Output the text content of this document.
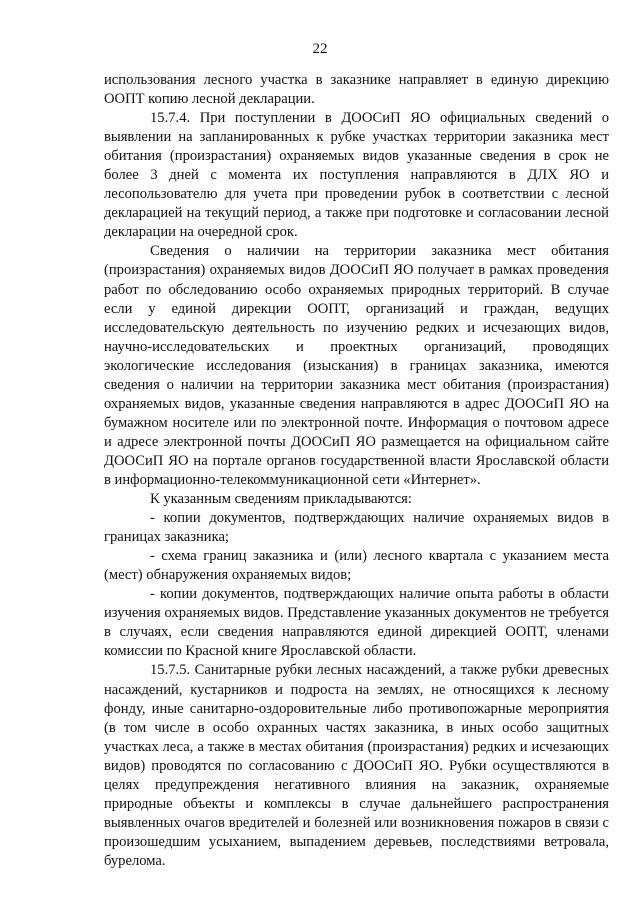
22

использования лесного участка в заказнике направляет в единую дирекцию ООПТ копию лесной декларации.

15.7.4. При поступлении в ДООСиП ЯО официальных сведений о выявлении на запланированных к рубке участках территории заказника мест обитания (произрастания) охраняемых видов указанные сведения в срок не более 3 дней с момента их поступления направляются в ДЛХ ЯО и лесопользователю для учета при проведении рубок в соответствии с лесной декларацией на текущий период, а также при подготовке и согласовании лесной декларации на очередной срок.

Сведения о наличии на территории заказника мест обитания (произрастания) охраняемых видов ДООСиП ЯО получает в рамках проведения работ по обследованию особо охраняемых природных территорий. В случае если у единой дирекции ООПТ, организаций и граждан, ведущих исследовательскую деятельность по изучению редких и исчезающих видов, научно-исследовательских и проектных организаций, проводящих экологические исследования (изыскания) в границах заказника, имеются сведения о наличии на территории заказника мест обитания (произрастания) охраняемых видов, указанные сведения направляются в адрес ДООСиП ЯО на бумажном носителе или по электронной почте. Информация о почтовом адресе и адресе электронной почты ДООСиП ЯО размещается на официальном сайте ДООСиП ЯО на портале органов государственной власти Ярославской области в информационно-телекоммуникационной сети «Интернет».

К указанным сведениям прикладываются:

- копии документов, подтверждающих наличие охраняемых видов в границах заказника;

- схема границ заказника и (или) лесного квартала с указанием места (мест) обнаружения охраняемых видов;

- копии документов, подтверждающих наличие опыта работы в области изучения охраняемых видов. Представление указанных документов не требуется в случаях, если сведения направляются единой дирекцией ООПТ, членами комиссии по Красной книге Ярославской области.

15.7.5. Санитарные рубки лесных насаждений, а также рубки древесных насаждений, кустарников и подроста на землях, не относящихся к лесному фонду, иные санитарно-оздоровительные либо противопожарные мероприятия (в том числе в особо охранных частях заказника, в иных особо защитных участках леса, а также в местах обитания (произрастания) редких и исчезающих видов) проводятся по согласованию с ДООСиП ЯО. Рубки осуществляются в целях предупреждения негативного влияния на заказник, охраняемые природные объекты и комплексы в случае дальнейшего распространения выявленных очагов вредителей и болезней или возникновения пожаров в связи с произошедшим усыханием, выпадением деревьев, последствиями ветровала, бурелома.
